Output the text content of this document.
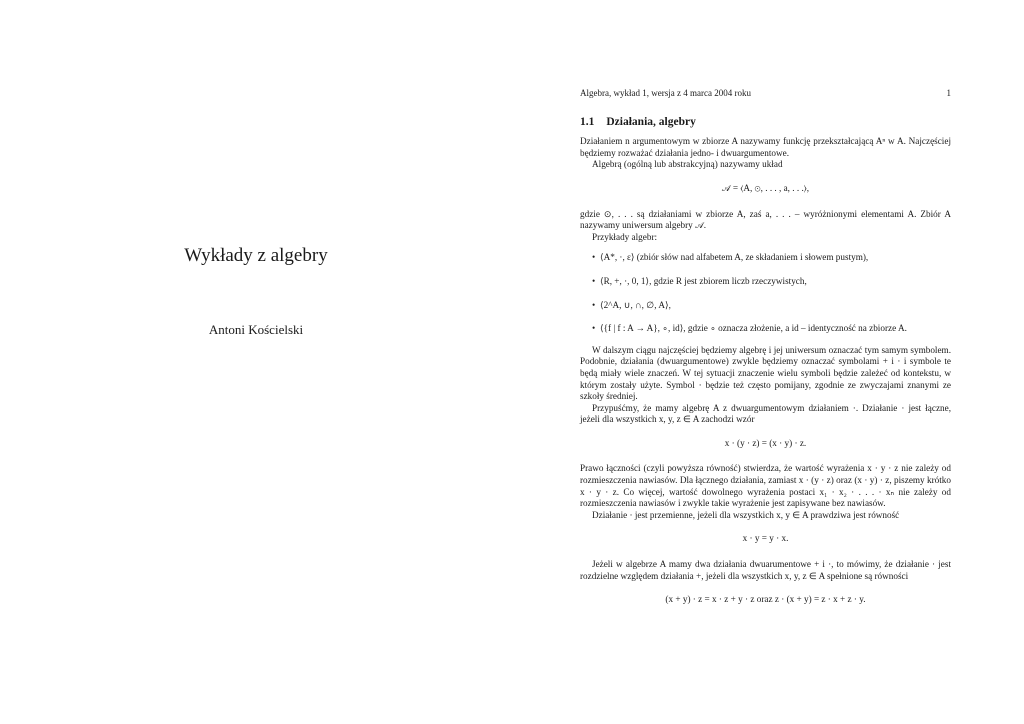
Wykłady z algebry
Antoni Kościelski
Algebra, wykład 1, wersja z 4 marca 2004 roku	1
1.1 Działania, algebry

Działaniem n argumentowym w zbiorze A nazywamy funkcję przekształcającą Aⁿ w A. Najczęściej będziemy rozważać działania jedno- i dwuargumentowe.

Algebrą (ogólną lub abstrakcyjną) nazywamy układ

𝒜 = ⟨A, ⊙, . . . , a, . . .⟩,

gdzie ⊙, . . . są działaniami w zbiorze A, zaś a, . . . – wyróżnionymi elementami A. Zbiór A nazywamy uniwersum algebry 𝒜.

Przykłady algebr:

• ⟨A*, ·, ε⟩ (zbiór słów nad alfabetem A, ze składaniem i słowem pustym),
• ⟨R, +, ·, 0, 1⟩, gdzie R jest zbiorem liczb rzeczywistych,
• ⟨2^A, ∪, ∩, ∅, A⟩,
• ⟨{f | f : A → A}, ∘, id⟩, gdzie ∘ oznacza złożenie, a id – identyczność na zbiorze A.

W dalszym ciągu najczęściej będziemy algebrę i jej uniwersum oznaczać tym samym symbolem. Podobnie, działania (dwuargumentowe) zwykle będziemy oznaczać symbolami + i · i symbole te będą miały wiele znaczeń. W tej sytuacji znaczenie wielu symboli będzie zależeć od kontekstu, w którym zostały użyte. Symbol · będzie też często pomijany, zgodnie ze zwyczajami znanymi ze szkoły średniej.

Przypuśćmy, że mamy algebrę A z dwuargumentowym działaniem ·. Działanie · jest łączne, jeżeli dla wszystkich x, y, z ∈ A zachodzi wzór

x · (y · z) = (x · y) · z.

Prawo łączności (czyli powyższa równość) stwierdza, że wartość wyrażenia x · y · z nie zależy od rozmieszczenia nawiasów. Dla łącznego działania, zamiast x · (y · z) oraz (x · y) · z, piszemy krótko x · y · z. Co więcej, wartość dowolnego wyrażenia postaci x₁ · x₂ · . . . · xₙ nie zależy od rozmieszczenia nawiasów i zwykle takie wyrażenie jest zapisywane bez nawiasów.

Działanie · jest przemienne, jeżeli dla wszystkich x, y ∈ A prawdziwa jest równość

x · y = y · x.

Jeżeli w algebrze A mamy dwa działania dwuarumentowe + i ·, to mówimy, że działanie · jest rozdzielne względem działania +, jeżeli dla wszystkich x, y, z ∈ A spełnione są równości

(x + y) · z = x · z + y · z oraz z · (x + y) = z · x + z · y.
